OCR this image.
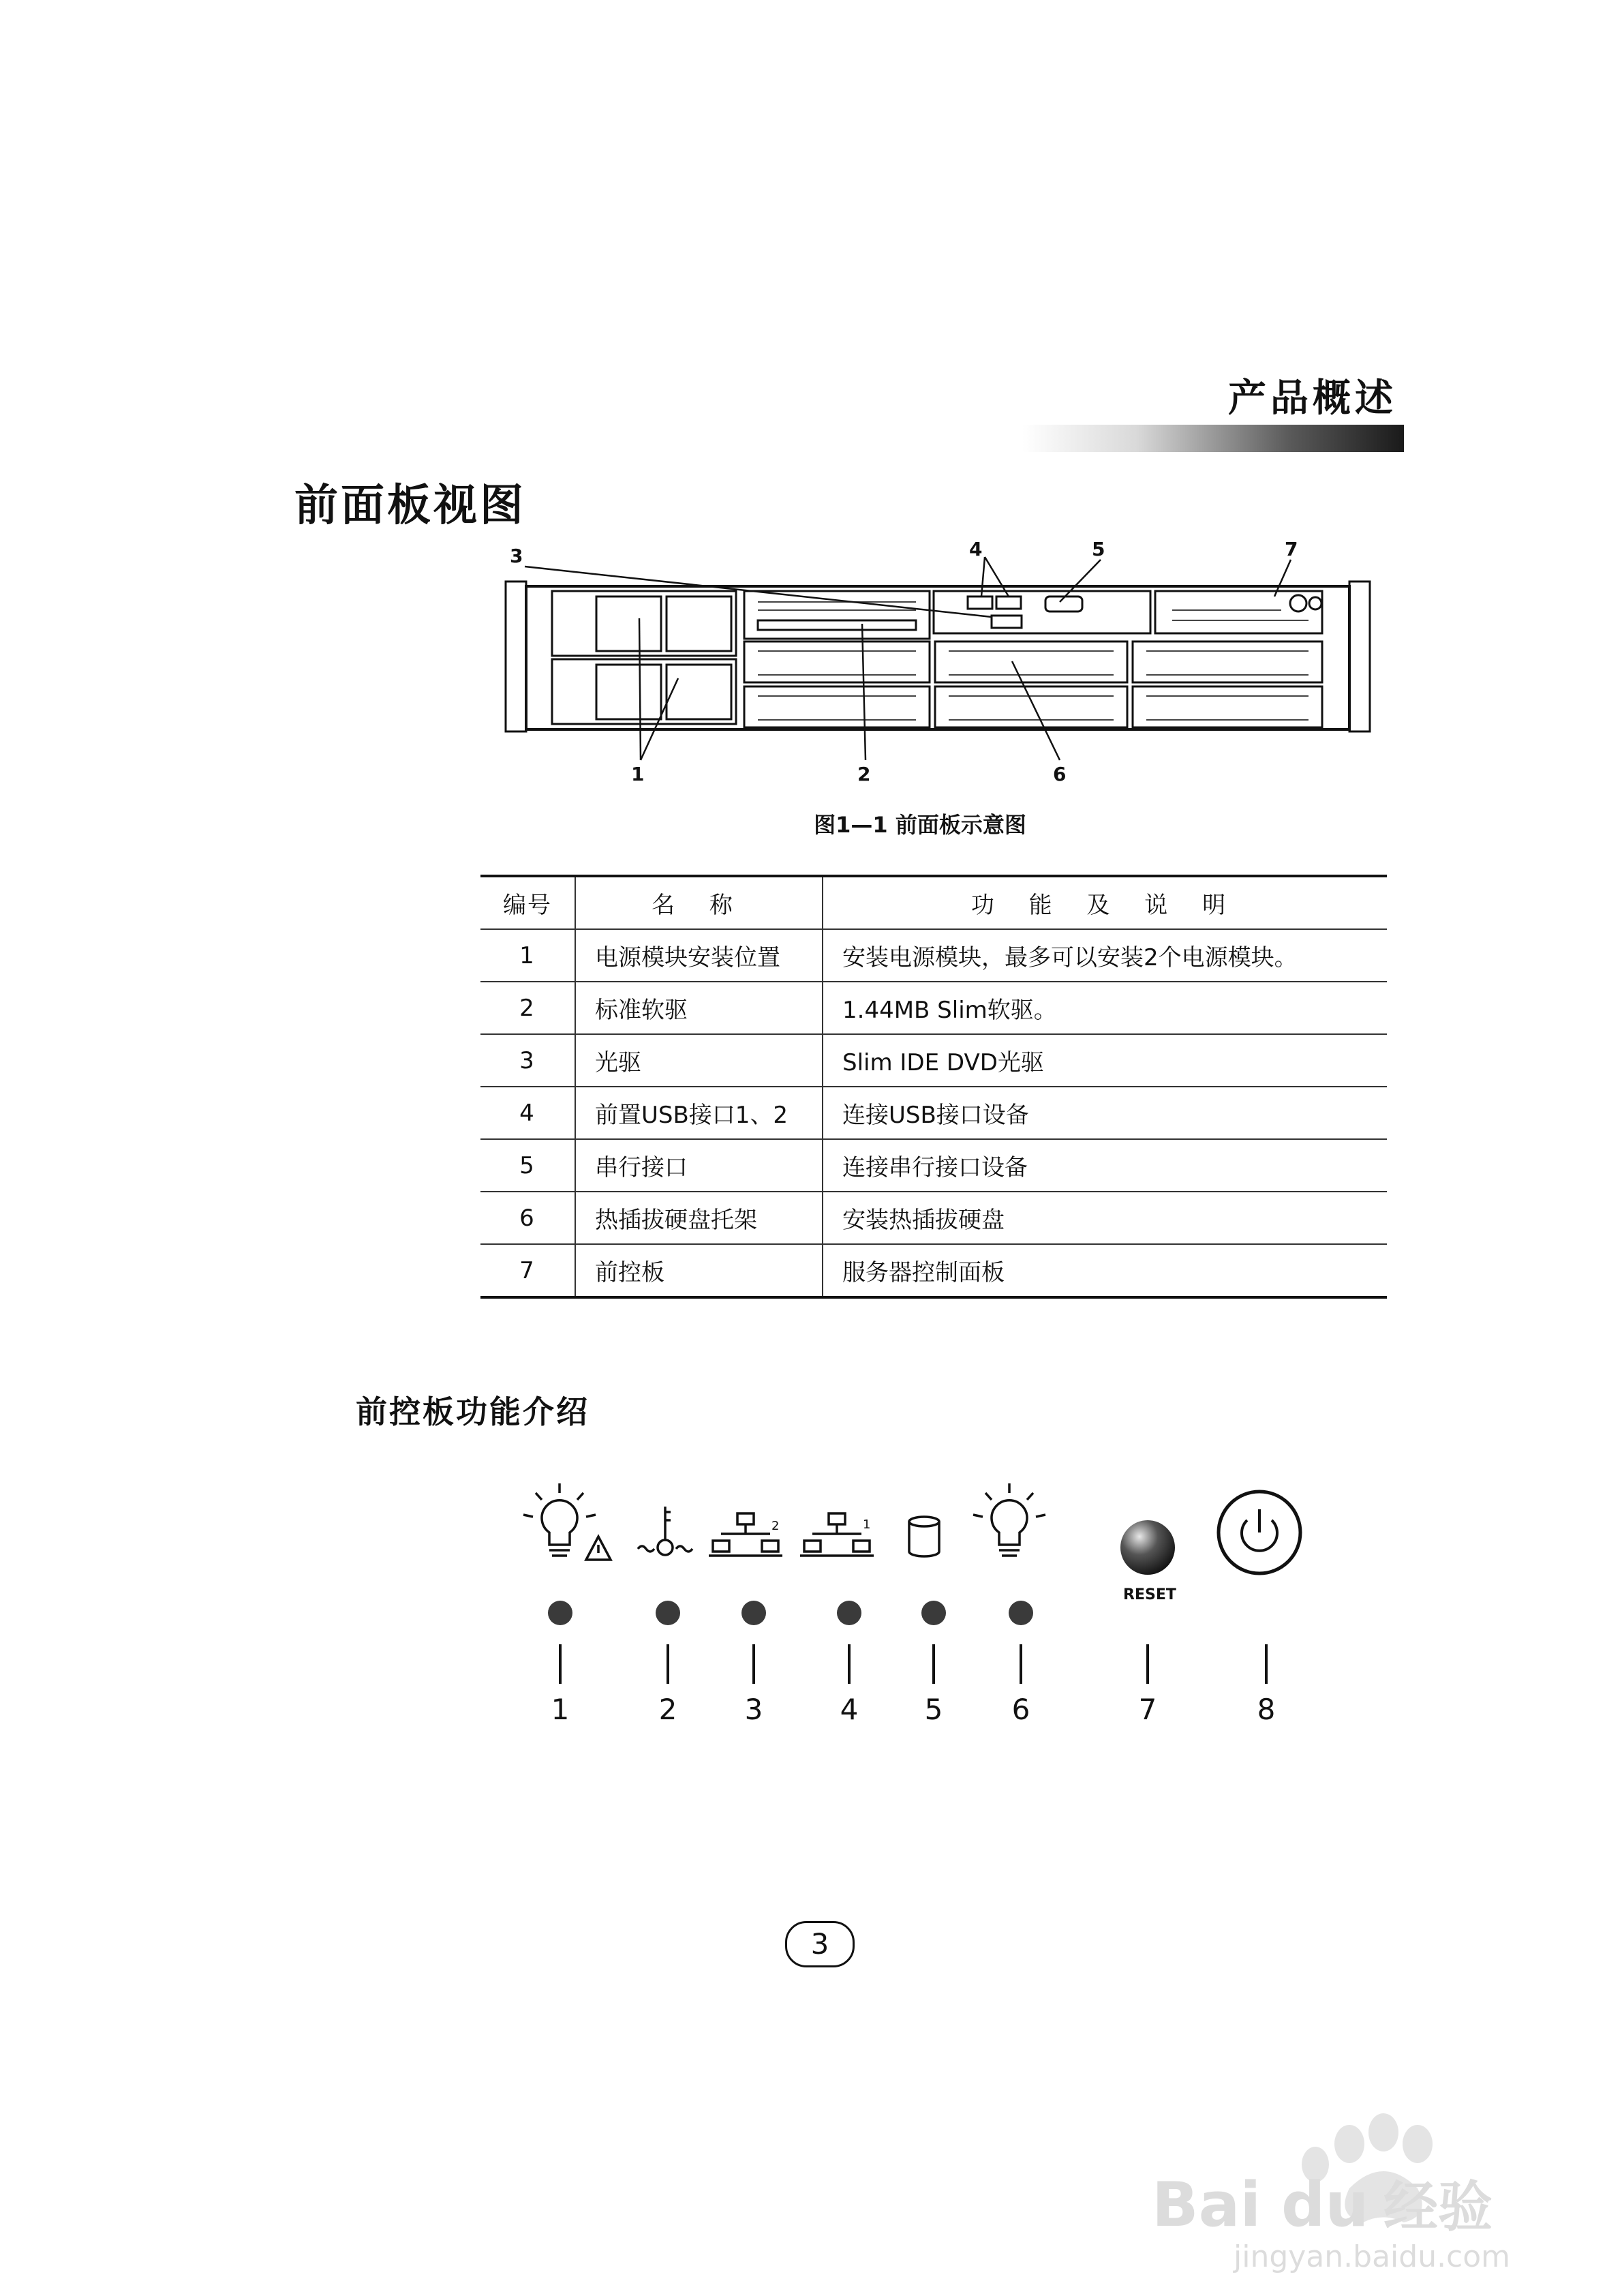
产品概述
前面板视图
3	4	5	7
1	2	6
图1—1 前面板示意图
编号	名 称	功 能 及 说 明
1	电源模块安装位置	安装电源模块，最多可以安装2个电源模块。
2	标准软驱	1.44MB Slim软驱。
3	光驱	Slim IDE DVD光驱
4	前置USB接口1、2	连接USB接口设备
5	串行接口	连接串行接口设备
6	热插拔硬盘托架	安装热插拔硬盘
7	前控板	服务器控制面板
前控板功能介绍
RESET
2	1
1	2 3	4 5 6	7	8
3
Bai du 经验
jingyan.baidu.com
